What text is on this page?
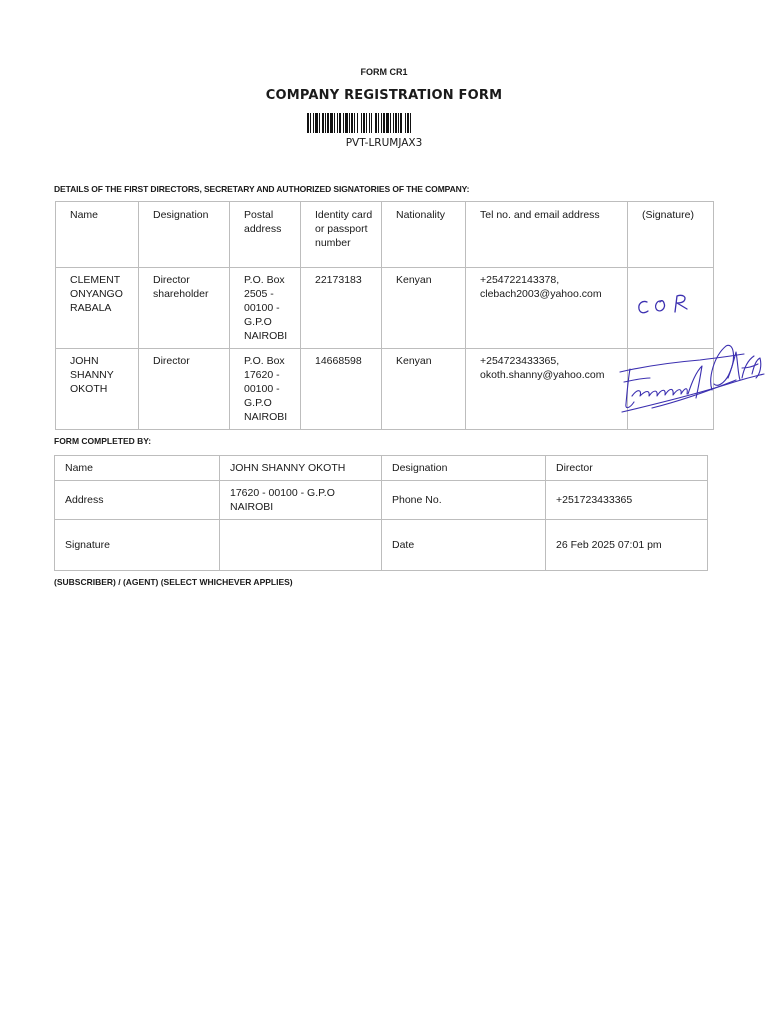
FORM CR1
COMPANY REGISTRATION FORM
PVT-LRUMJAX3
DETAILS OF THE FIRST DIRECTORS, SECRETARY AND AUTHORIZED SIGNATORIES OF THE COMPANY:
Name	Designation	Postal address	Identity card or passport number	Nationality	Tel no. and email address	(Signature)
CLEMENT ONYANGO RABALA	Director shareholder	P.O. Box 2505 - 00100 - G.P.O NAIROBI	22173183	Kenyan	+254722143378, clebach2003@yahoo.com	
JOHN SHANNY OKOTH	Director	P.O. Box 17620 - 00100 - G.P.O NAIROBI	14668598	Kenyan	+254723433365, okoth.shanny@yahoo.com	
FORM COMPLETED BY:
Name	JOHN SHANNY OKOTH	Designation	Director
Address	17620 - 00100 - G.P.O NAIROBI	Phone No.	+251723433365
Signature		Date	26 Feb 2025 07:01 pm
(SUBSCRIBER) / (AGENT) (SELECT WHICHEVER APPLIES)
